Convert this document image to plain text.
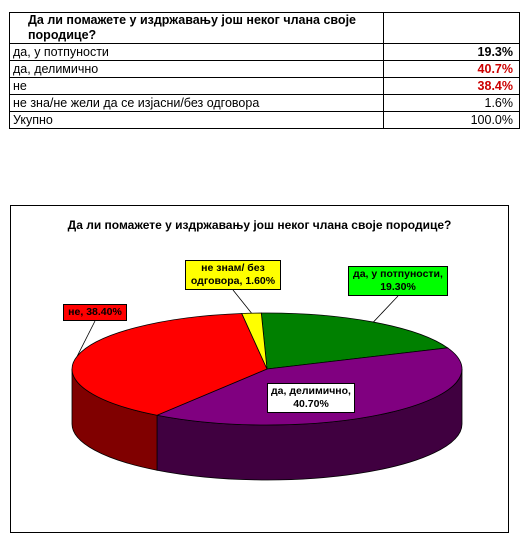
Да ли помажете у издржавању још неког члана своје породице?	
да, у потпуности	19.3%
да, делимично	40.7%
не	38.4%
не зна/не жели да се изјасни/без одговора	1.6%
Укупно	100.0%
Да ли помажете у издржавању још неког члана своје породице?
да, у потпуности, 19.30%
да, делимично, 40.70%
не, 38.40%
не знам/ без одговора, 1.60%
